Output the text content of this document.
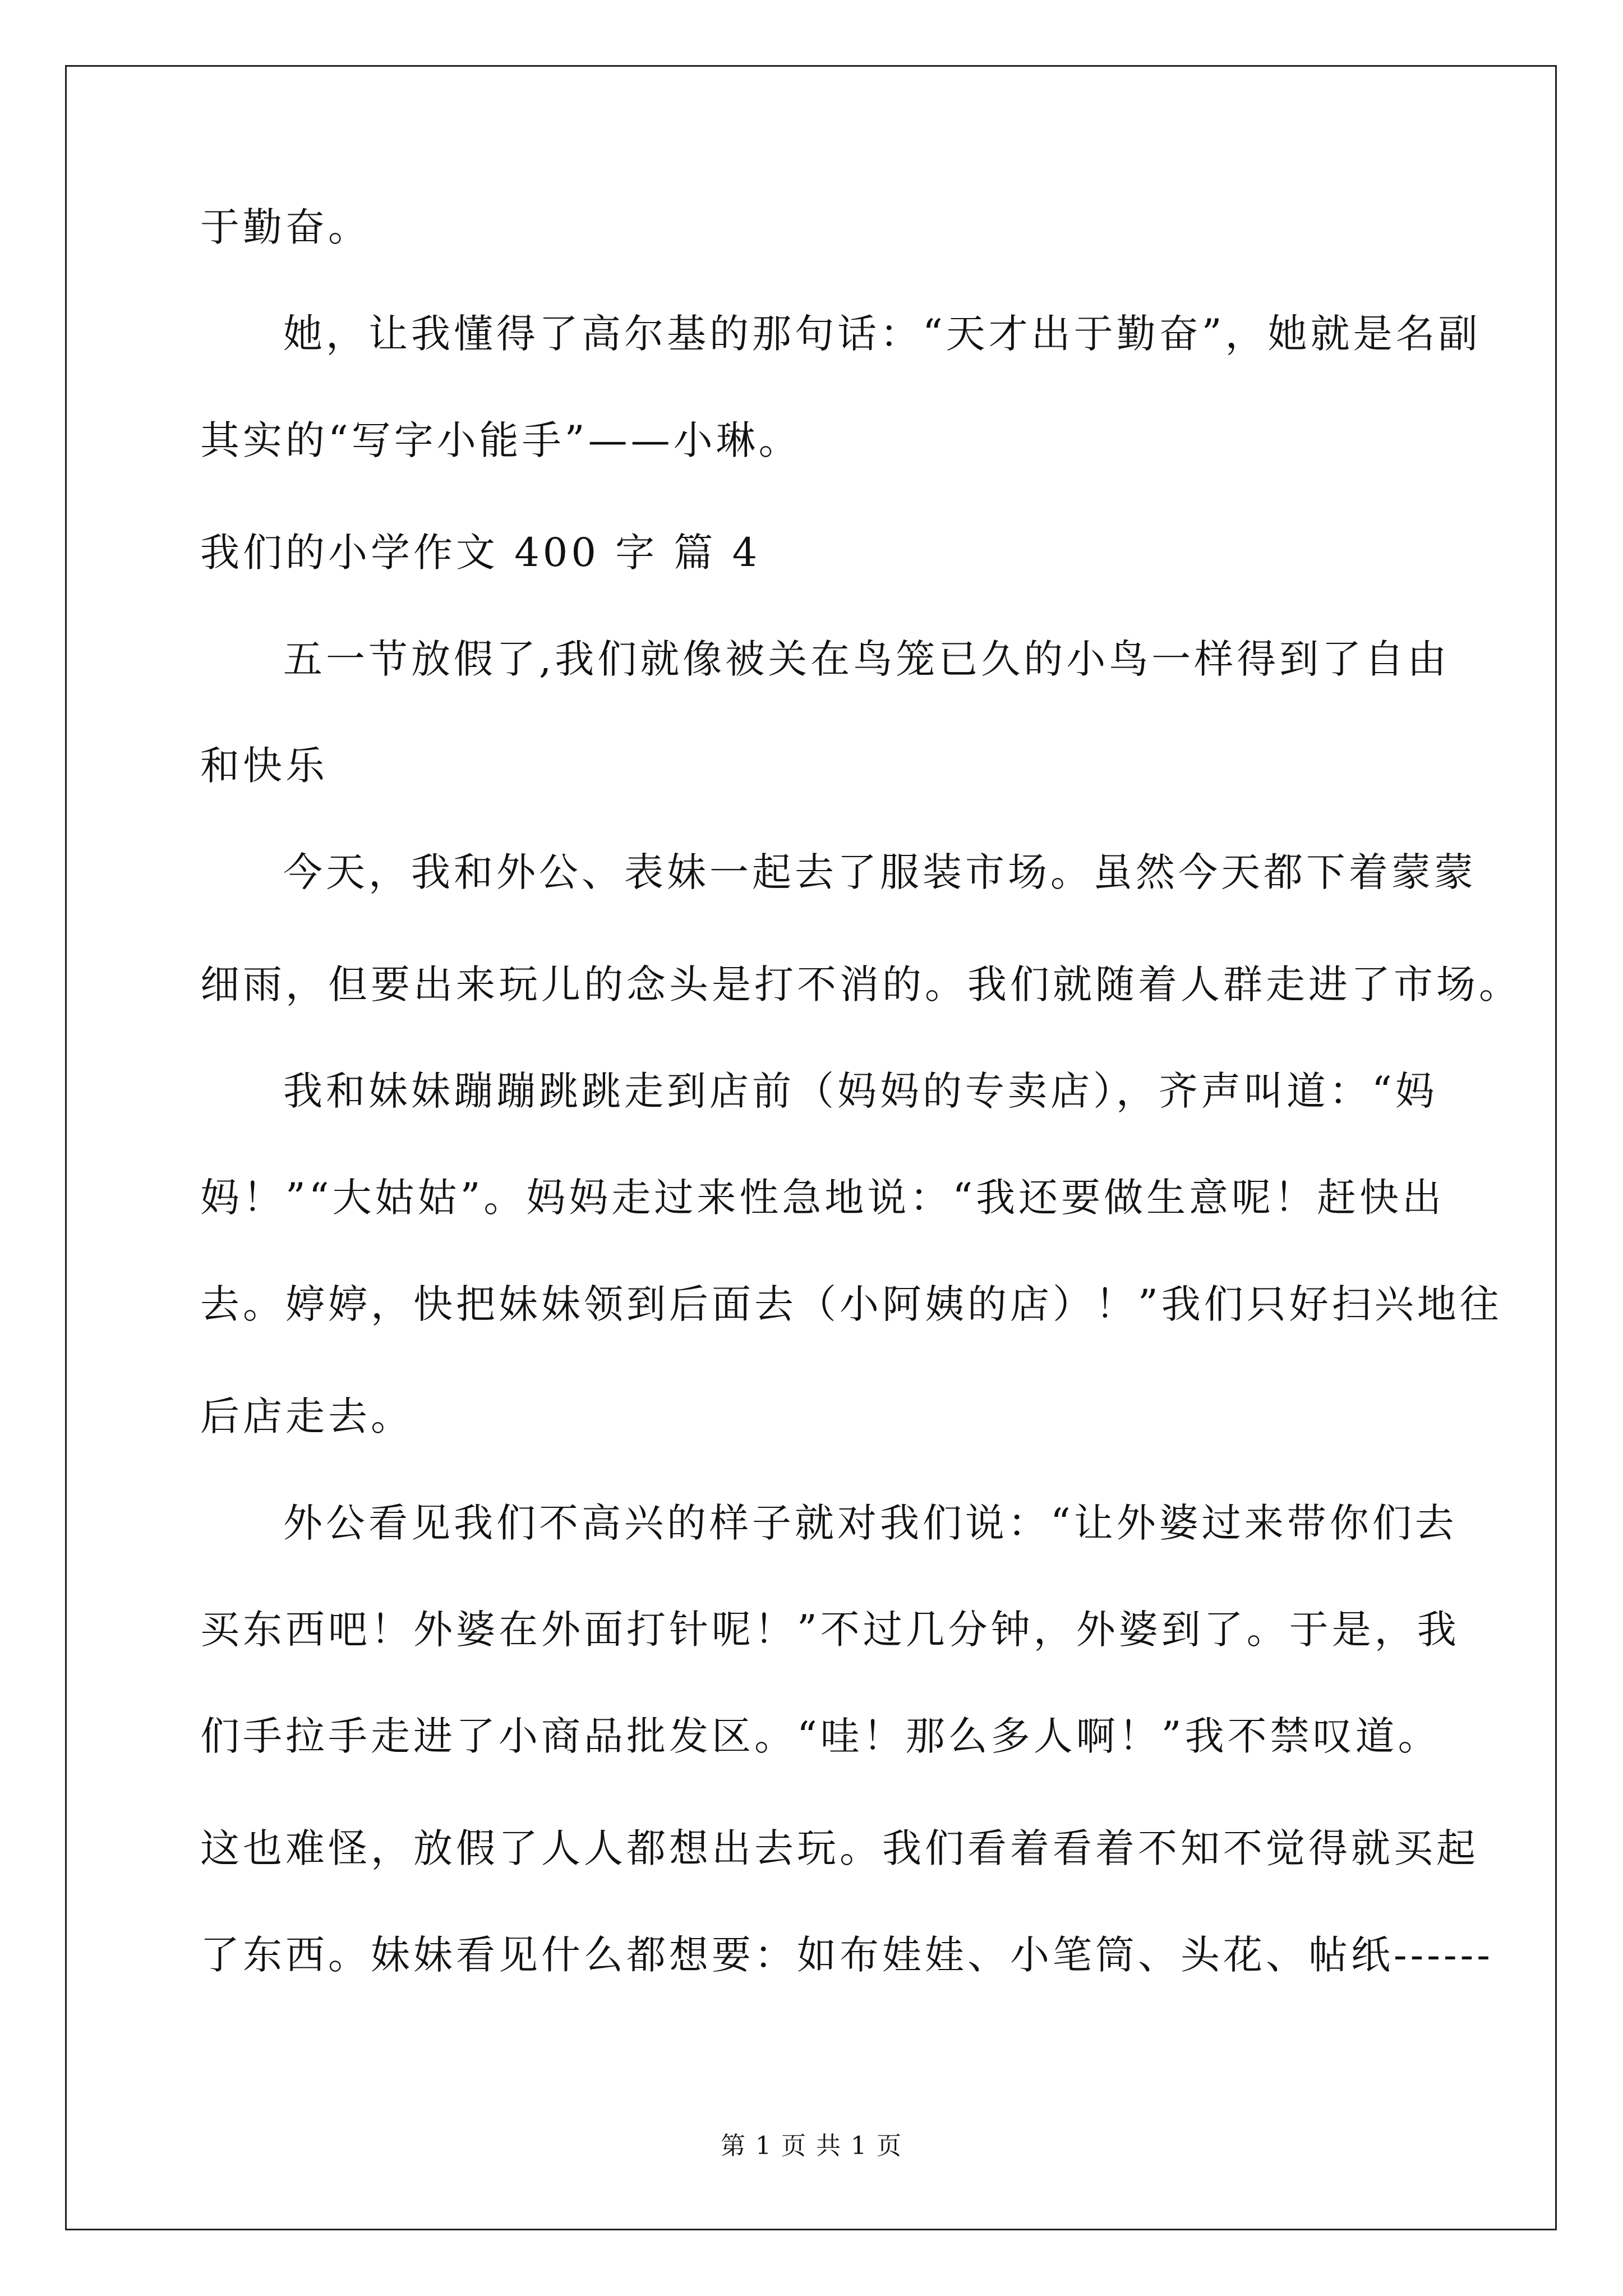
于勤奋。
她，让我懂得了高尔基的那句话：“天才出于勤奋”，她就是名副
其实的“写字小能手”——小琳。
我们的小学作文 400 字 篇 4
五一节放假了,我们就像被关在鸟笼已久的小鸟一样得到了自由
和快乐
今天，我和外公、表妹一起去了服装市场。虽然今天都下着蒙蒙
细雨，但要出来玩儿的念头是打不消的。我们就随着人群走进了市场。
我和妹妹蹦蹦跳跳走到店前（妈妈的专卖店），齐声叫道：“妈
妈！”“大姑姑”。妈妈走过来性急地说：“我还要做生意呢！赶快出
去。婷婷，快把妹妹领到后面去（小阿姨的店）！”我们只好扫兴地往
后店走去。
外公看见我们不高兴的样子就对我们说：“让外婆过来带你们去
买东西吧！外婆在外面打针呢！”不过几分钟，外婆到了。于是，我
们手拉手走进了小商品批发区。“哇！那么多人啊！”我不禁叹道。
这也难怪，放假了人人都想出去玩。我们看着看着不知不觉得就买起
了东西。妹妹看见什么都想要：如布娃娃、小笔筒、头花、帖纸------
第 1 页 共 1 页
